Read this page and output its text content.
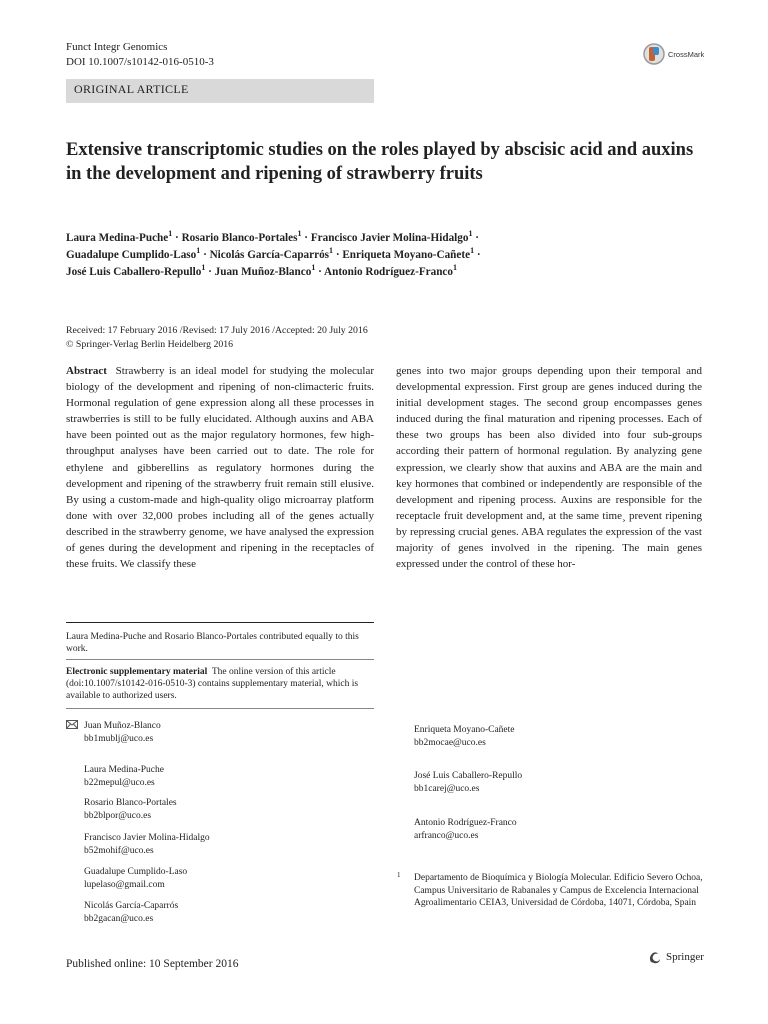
Funct Integr Genomics
DOI 10.1007/s10142-016-0510-3
CrossMark
ORIGINAL ARTICLE
Extensive transcriptomic studies on the roles played by abscisic acid and auxins in the development and ripening of strawberry fruits
Laura Medina-Puche$^1$ · Rosario Blanco-Portales$^1$ · Francisco Javier Molina-Hidalgo$^1$ ·
Guadalupe Cumplido-Laso$^1$ · Nicolás García-Caparrós$^1$ · Enriqueta Moyano-Cañete$^1$ ·
José Luis Caballero-Repullo$^1$ · Juan Muñoz-Blanco$^1$ · Antonio Rodríguez-Franco$^1$
Received: 17 February 2016 /Revised: 17 July 2016 /Accepted: 20 July 2016
© Springer-Verlag Berlin Heidelberg 2016
Abstract Strawberry is an ideal model for studying the molecular biology of the development and ripening of non-climacteric fruits. Hormonal regulation of gene expression along all these processes in strawberries is still to be fully elucidated. Although auxins and ABA have been pointed out as the major regulatory hormones, few high-throughput analyses have been carried out to date. The role for ethylene and gibberellins as regulatory hormones during the development and ripening of the strawberry fruit remain still elusive. By using a custom-made and high-quality oligo microarray platform done with over 32,000 probes including all of the genes actually described in the strawberry genome, we have analysed the expression of genes during the development and ripening in the receptacles of these fruits. We classify these
genes into two major groups depending upon their temporal and developmental expression. First group are genes induced during the initial development stages. The second group encompasses genes induced during the final maturation and ripening processes. Each of these two groups has been also divided into four sub-groups according their pattern of hormonal regulation. By analyzing gene expression, we clearly show that auxins and ABA are the main and key hormones that combined or independently are responsible of the development and ripening process. Auxins are responsible for the receptacle fruit development and, at the same time¸ prevent ripening by repressing crucial genes. ABA regulates the expression of the vast majority of genes involved in the ripening. The main genes expressed under the control of these hor-
Laura Medina-Puche and Rosario Blanco-Portales contributed equally to this work.
Electronic supplementary material The online version of this article (doi:10.1007/s10142-016-0510-3) contains supplementary material, which is available to authorized users.
Juan Muñoz-Blanco
bb1mublj@uco.es
Laura Medina-Puche
b22mepul@uco.es
Rosario Blanco-Portales
bb2blpor@uco.es
Francisco Javier Molina-Hidalgo
b52mohif@uco.es
Guadalupe Cumplido-Laso
lupelaso@gmail.com
Nicolás García-Caparrós
bb2gacan@uco.es
Enriqueta Moyano-Cañete
bb2mocae@uco.es
José Luis Caballero-Repullo
bb1carej@uco.es
Antonio Rodríguez-Franco
arfranco@uco.es
1 Departamento de Bioquímica y Biología Molecular. Edificio Severo Ochoa, Campus Universitario de Rabanales y Campus de Excelencia Internacional Agroalimentario CEIA3, Universidad de Córdoba, 14071, Córdoba, Spain
Published online: 10 September 2016
Springer
